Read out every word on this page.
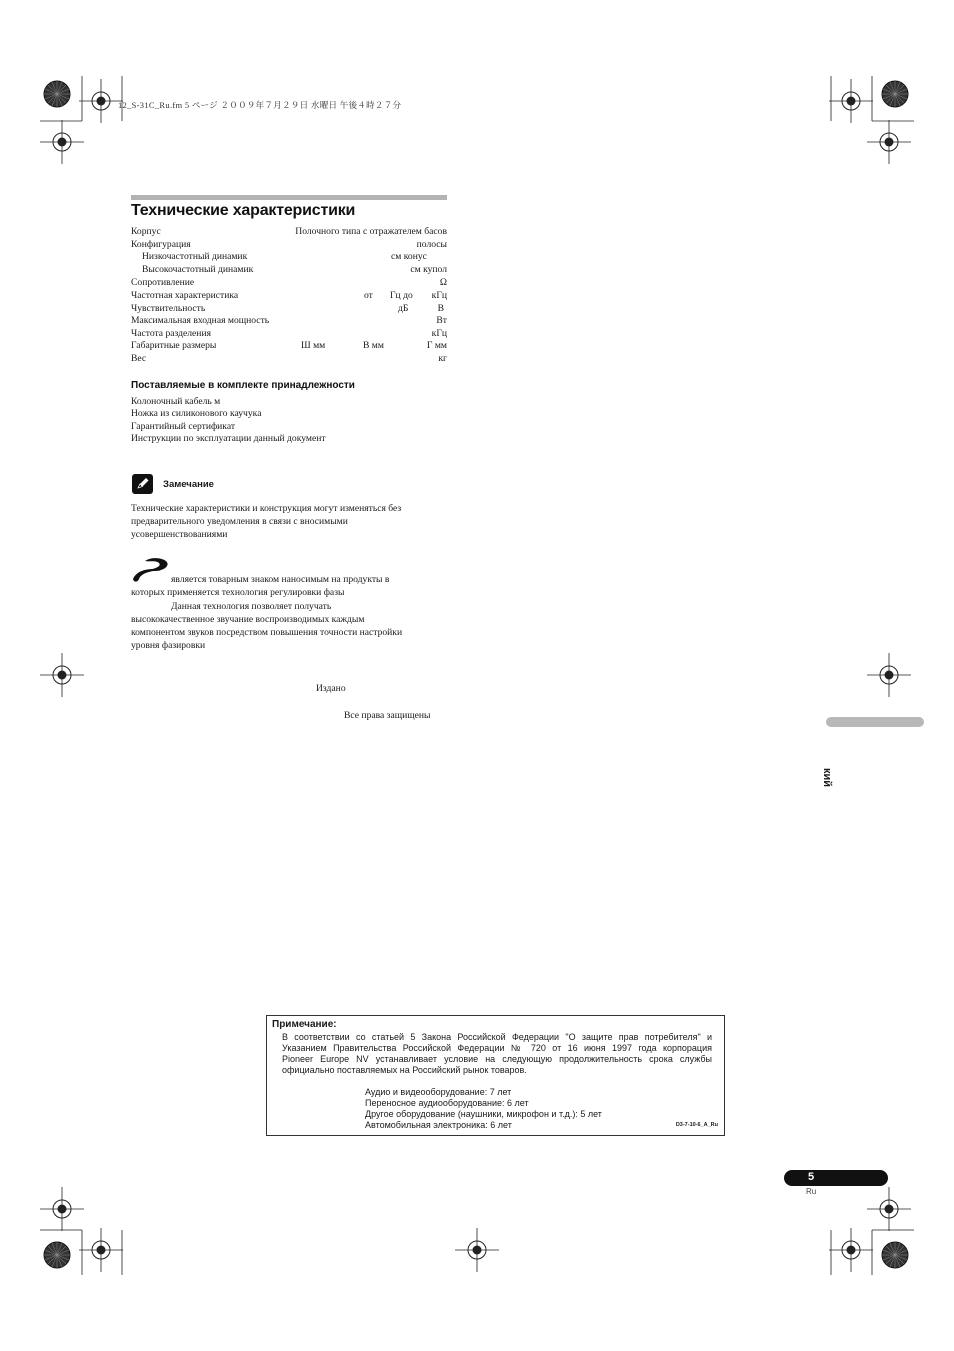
12_S-31C_Ru.fm 5 ページ ２００９年７月２９日 水曜日 午後４時２７分
Технические характеристики
Корпус	Полочного типа с отражателем басов
Конфигурация	полосы
Низкочастотный динамик	см конус
Высокочастотный динамик	см купол
Сопротивление	Ω
Частотная характеристика	от Гц до кГц
Чувствительность	дБ	В
Максимальная входная мощность	Вт
Частота разделения	кГц
Габаритные размеры	Ш мм	В мм	Г мм
Вес	кг
Поставляемые в комплекте принадлежности
Колоночный кабель м
Ножка из силиконового каучука
Гарантийный сертификат
Инструкции по эксплуатации данный документ
Замечание
Технические характеристики и конструкция могут изменяться без
предварительного уведомления в связи с вносимыми
усовершенствованиями
является товарным знаком наносимым на продукты в
которых применяется технология регулировки фазы
Данная технология позволяет получать
высококачественное звучание воспроизводимых каждым
компонентом звуков посредством повышения точности настройки
уровня фазировки
Издано
Все права защищены
кий
Примечание:
В соответствии со статьей 5 Закона Российской Федерации "О защите прав потребителя" и
Указанием Правительства Российской Федерации № 720 от 16 июня 1997 года корпорация
Pioneer Europe NV устанавливает условие на следующую продолжительность срока службы
официально поставляемых на Российский рынок товаров.
Аудио и видеооборудование: 7 лет
Переносное аудиооборудование: 6 лет
Другое оборудование (наушники, микрофон и т.д.): 5 лет
Автомобильная электроника: 6 лет	D3-7-10-6_A_Ru
5
Ru
